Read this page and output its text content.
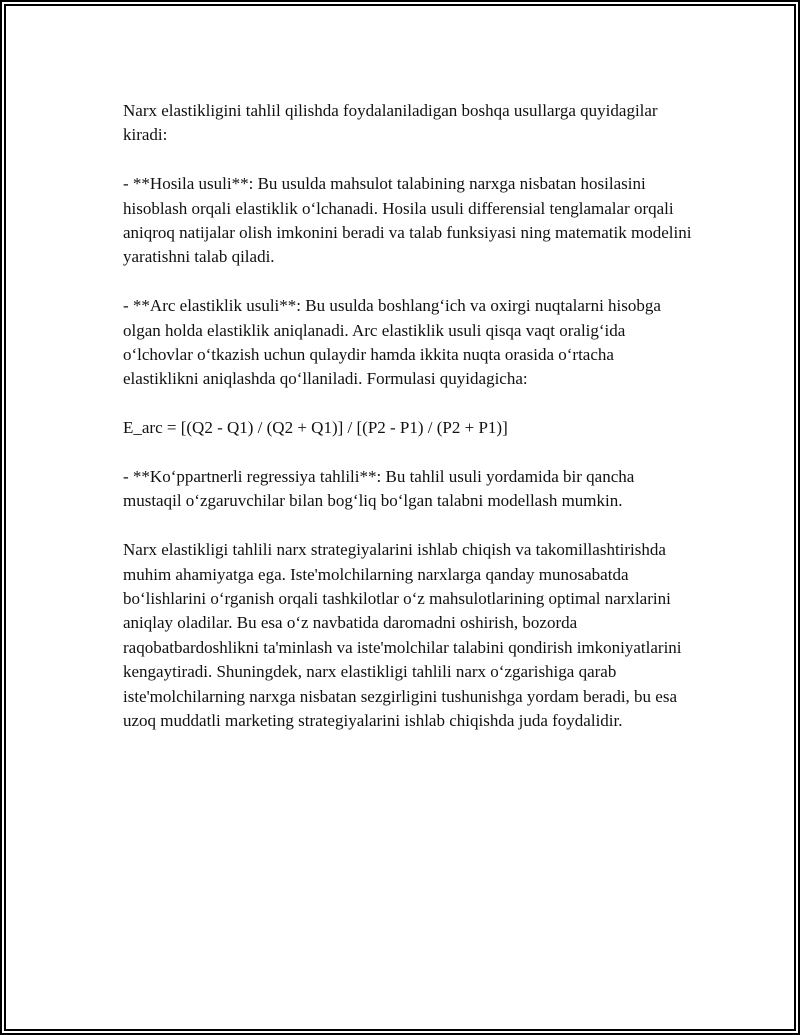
Narx elastikligini tahlil qilishda foydalaniladigan boshqa usullarga quyidagilar kiradi:

- **Hosila usuli**: Bu usulda mahsulot talabining narxga nisbatan hosilasini hisoblash orqali elastiklik o‘lchanadi. Hosila usuli differensial tenglamalar orqali aniqroq natijalar olish imkonini beradi va talab funksiyasi ning matematik modelini yaratishni talab qiladi.

- **Arc elastiklik usuli**: Bu usulda boshlang‘ich va oxirgi nuqtalarni hisobga olgan holda elastiklik aniqlanadi. Arc elastiklik usuli qisqa vaqt oralig‘ida o‘lchovlar o‘tkazish uchun qulaydir hamda ikkita nuqta orasida o‘rtacha elastiklikni aniqlashda qo‘llaniladi. Formulasi quyidagicha:

E_arc = [(Q2 - Q1) / (Q2 + Q1)] / [(P2 - P1) / (P2 + P1)]

- **Ko‘ppartnerli regressiya tahlili**: Bu tahlil usuli yordamida bir qancha mustaqil o‘zgaruvchilar bilan bog‘liq bo‘lgan talabni modellash mumkin.

Narx elastikligi tahlili narx strategiyalarini ishlab chiqish va takomillashtirishda muhim ahamiyatga ega. Iste'molchilarning narxlarga qanday munosabatda bo‘lishlarini o‘rganish orqali tashkilotlar o‘z mahsulotlarining optimal narxlarini aniqlay oladilar. Bu esa o‘z navbatida daromadni oshirish, bozorda raqobatbardoshlikni ta'minlash va iste'molchilar talabini qondirish imkoniyatlarini kengaytiradi. Shuningdek, narx elastikligi tahlili narx o‘zgarishiga qarab iste'molchilarning narxga nisbatan sezgirligini tushunishga yordam beradi, bu esa uzoq muddatli marketing strategiyalarini ishlab chiqishda juda foydalidir.
